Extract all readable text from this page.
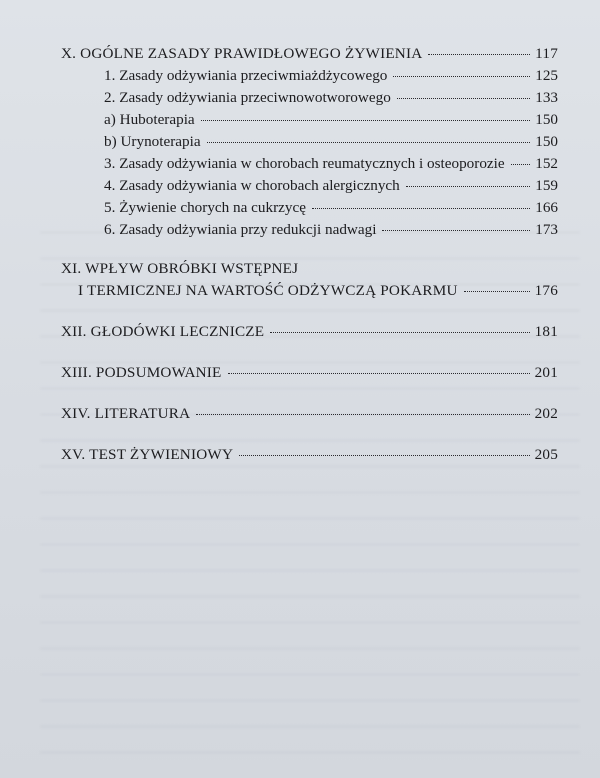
X. OGÓLNE ZASADY PRAWIDŁOWEGO ŻYWIENIA	117
1. Zasady odżywiania przeciwmiażdżycowego	125
2. Zasady odżywiania przeciwnowotworowego	133
a) Huboterapia	150
b) Urynoterapia	150
3. Zasady odżywiania w chorobach reumatycznych i osteoporozie 152
4. Zasady odżywiania w chorobach alergicznych	159
5. Żywienie chorych na cukrzycę	166
6. Zasady odżywiania przy redukcji nadwagi	173
XI. WPŁYW OBRÓBKI WSTĘPNEJ
I TERMICZNEJ NA WARTOŚĆ ODŻYWCZĄ POKARMU	176
XII. GŁODÓWKI LECZNICZE	181
XIII. PODSUMOWANIE	201
XIV. LITERATURA	202
XV. TEST ŻYWIENIOWY	205
